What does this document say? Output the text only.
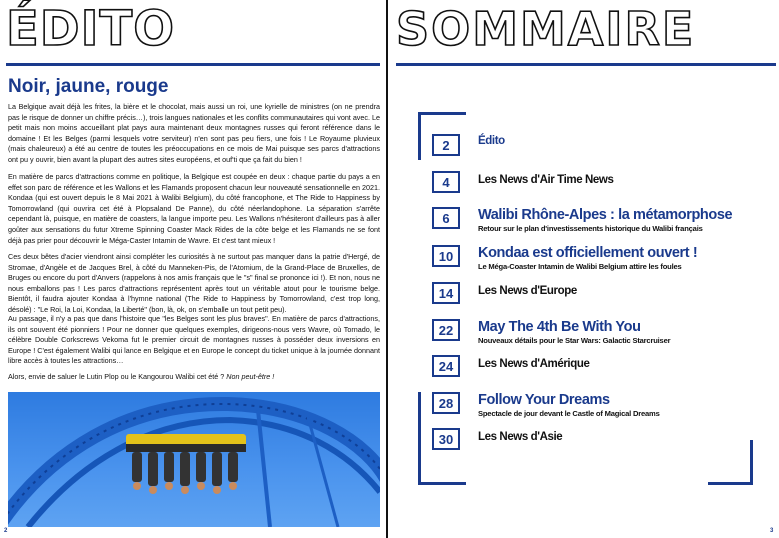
ÉDITO
Noir, jaune, rouge

La Belgique avait déjà les frites, la bière et le chocolat, mais aussi un roi, une kyrielle de ministres (on ne prendra pas le risque de donner un chiffre précis…), trois langues nationales et les conflits communautaires qui vont avec. Le petit mais non moins accueillant plat pays aura maintenant deux montagnes russes qui feront référence dans le domaine ! Et les Belges (parmi lesquels votre serviteur) n'en sont pas peu fiers, une fois ! Le Royaume pluvieux (mais chaleureux) a été au centre de toutes les préoccupations en ce mois de Mai puisque ses parcs d'attractions ont pu y ouvrir, bien avant la plupart des autres sites européens, et ouf'ti que ça fait du bien !

En matière de parcs d'attractions comme en politique, la Belgique est coupée en deux : chaque partie du pays a en effet son parc de référence et les Wallons et les Flamands proposent chacun leur nouveauté sensationnelle en 2021. Kondaa (qui est ouvert depuis le 8 Mai 2021 à Walibi Belgium), du côté francophone, et The Ride to Happiness by Tomorrowland (qui ouvrira cet été à Plopsaland De Panne), du côté néerlandophone. La séparation s'arrête cependant là, puisque, en matière de coasters, la langue importe peu. Les Wallons n'hésiteront d'ailleurs pas à aller goûter aux sensations du futur Xtreme Spinning Coaster Mack Rides de la côte belge et les Flamands ne se font déjà pas prier pour découvrir le Méga-Caster Intamin de Wavre. Et c'est tant mieux !

Ces deux bêtes d'acier viendront ainsi compléter les curiosités à ne surtout pas manquer dans la patrie d'Hergé, de Stromae, d'Angèle et de Jacques Brel, à côté du Manneken-Pis, de l'Atomium, de la Grand-Place de Bruxelles, de Bruges ou encore du port d'Anvers (rappelons à nos amis français que le "s" final se prononce ici !). Et non, nous ne nous emballons pas ! Les parcs d'attractions représentent après tout un véritable atout pour le tourisme belge. Bientôt, il faudra ajouter Kondaa à l'hymne national (The Ride to Happiness by Tomorrowland, c'est trop long, désolé) : "Le Roi, la Loi, Kondaa, la Liberté" (bon, là, ok, on s'emballe un tout petit peu).

Au passage, il n'y a pas que dans l'histoire que "les Belges sont les plus braves". En matière de parcs d'attractions, ils ont souvent été pionniers ! Pour ne donner que quelques exemples, dirigeons-nous vers Wavre, où Tornado, le célèbre Double Corkscrews Vekoma fut le premier circuit de montagnes russes à posséder deux inversions en Europe ! C'est également Walibi qui lance en Belgique et en Europe le concept du ticket unique à la journée donnant libre accès à toutes les attractions…

Alors, envie de saluer le Lutin Plop ou le Kangourou Walibi cet été ? Non peut-être !

2
SOMMAIRE
2	Édito
4	Les News d'Air Time News
6	Walibi Rhône-Alpes : la métamorphose
Retour sur le plan d'investissements historique du Walibi français
10	Kondaa est officiellement ouvert !
Le Méga-Coaster Intamin de Walibi Belgium attire les foules
14	Les News d'Europe
22	May The 4th Be With You
Nouveaux détails pour le Star Wars: Galactic Starcruiser
24	Les News d'Amérique
28	Follow Your Dreams
Spectacle de jour devant le Castle of Magical Dreams
30	Les News d'Asie
3
